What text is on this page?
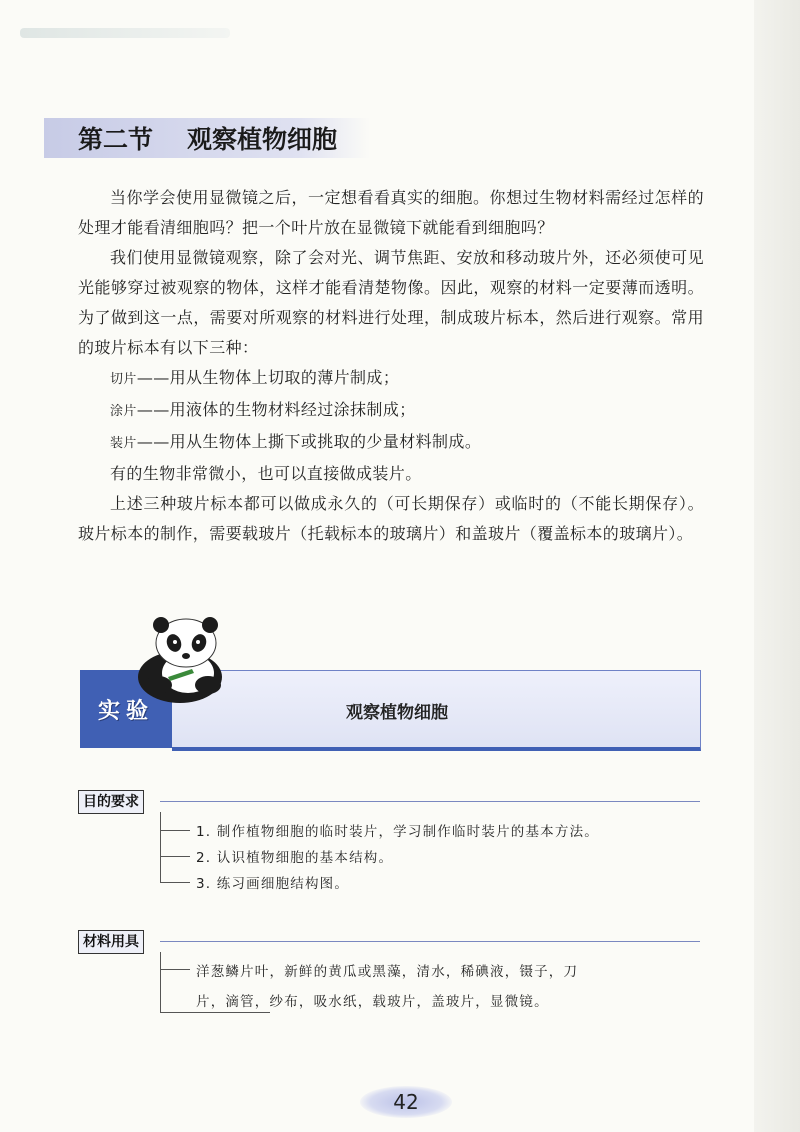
第二节 观察植物细胞

当你学会使用显微镜之后，一定想看看真实的细胞。你想过生物材料需经过怎样的处理才能看清细胞吗？把一个叶片放在显微镜下就能看到细胞吗？

我们使用显微镜观察，除了会对光、调节焦距、安放和移动玻片外，还必须使可见光能够穿过被观察的物体，这样才能看清楚物像。因此，观察的材料一定要薄而透明。为了做到这一点，需要对所观察的材料进行处理，制成玻片标本，然后进行观察。常用的玻片标本有以下三种：

切片——用从生物体上切取的薄片制成；

涂片——用液体的生物材料经过涂抹制成；

装片——用从生物体上撕下或挑取的少量材料制成。

有的生物非常微小，也可以直接做成装片。

上述三种玻片标本都可以做成永久的（可长期保存）或临时的（不能长期保存）。玻片标本的制作，需要载玻片（托载标本的玻璃片）和盖玻片（覆盖标本的玻璃片）。

实验	观察植物细胞
目的要求
1. 制作植物细胞的临时装片，学习制作临时装片的基本方法。
2. 认识植物细胞的基本结构。
3. 练习画细胞结构图。
材料用具
洋葱鳞片叶，新鲜的黄瓜或黑藻，清水，稀碘液，镊子，刀
片，滴管，纱布，吸水纸，载玻片，盖玻片，显微镜。
42
